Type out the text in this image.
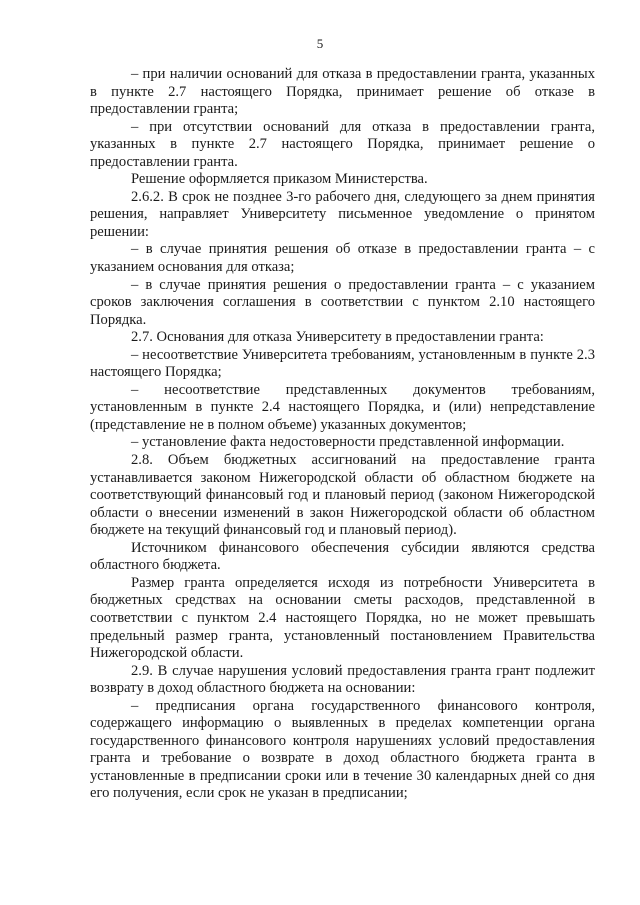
5

– при наличии оснований для отказа в предоставлении гранта, указанных в пункте 2.7 настоящего Порядка, принимает решение об отказе в предоставлении гранта;

– при отсутствии оснований для отказа в предоставлении гранта, указанных в пункте 2.7 настоящего Порядка, принимает решение о предоставлении гранта.

Решение оформляется приказом Министерства.

2.6.2. В срок не позднее 3-го рабочего дня, следующего за днем принятия решения, направляет Университету письменное уведомление о принятом решении:

– в случае принятия решения об отказе в предоставлении гранта – с указанием основания для отказа;

– в случае принятия решения о предоставлении гранта – с указанием сроков заключения соглашения в соответствии с пунктом 2.10 настоящего Порядка.

2.7. Основания для отказа Университету в предоставлении гранта:

– несоответствие Университета требованиям, установленным в пункте 2.3 настоящего Порядка;

– несоответствие представленных документов требованиям, установленным в пункте 2.4 настоящего Порядка, и (или) непредставление (представление не в полном объеме) указанных документов;

– установление факта недостоверности представленной информации.

2.8. Объем бюджетных ассигнований на предоставление гранта устанавливается законом Нижегородской области об областном бюджете на соответствующий финансовый год и плановый период (законом Нижегородской области о внесении изменений в закон Нижегородской области об областном бюджете на текущий финансовый год и плановый период).

Источником финансового обеспечения субсидии являются средства областного бюджета.

Размер гранта определяется исходя из потребности Университета в бюджетных средствах на основании сметы расходов, представленной в соответствии с пунктом 2.4 настоящего Порядка, но не может превышать предельный размер гранта, установленный постановлением Правительства Нижегородской области.

2.9. В случае нарушения условий предоставления гранта грант подлежит возврату в доход областного бюджета на основании:

– предписания органа государственного финансового контроля, содержащего информацию о выявленных в пределах компетенции органа государственного финансового контроля нарушениях условий предоставления гранта и требование о возврате в доход областного бюджета гранта в установленные в предписании сроки или в течение 30 календарных дней со дня его получения, если срок не указан в предписании;
